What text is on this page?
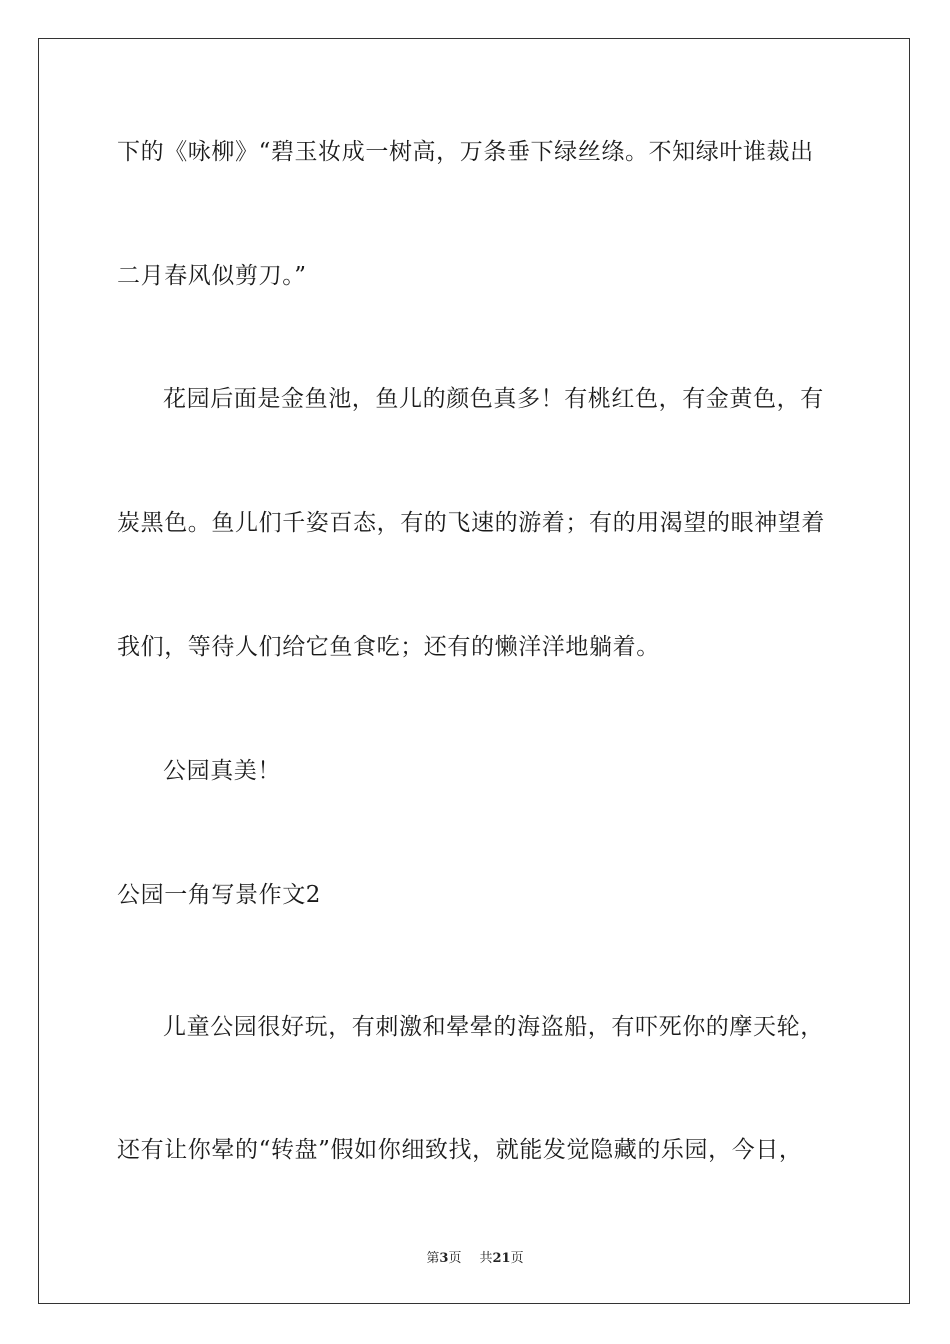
下的《咏柳》“碧玉妆成一树高，万条垂下绿丝绦。不知绿叶谁裁出
二月春风似剪刀。”
花园后面是金鱼池，鱼儿的颜色真多！有桃红色，有金黄色，有
炭黑色。鱼儿们千姿百态，有的飞速的游着；有的用渴望的眼神望着
我们，等待人们给它鱼食吃；还有的懒洋洋地躺着。
公园真美！
公园一角写景作文2
儿童公园很好玩，有刺激和晕晕的海盗船，有吓死你的摩天轮，
还有让你晕的“转盘”假如你细致找，就能发觉隐藏的乐园，今日，
第3页 共21页
